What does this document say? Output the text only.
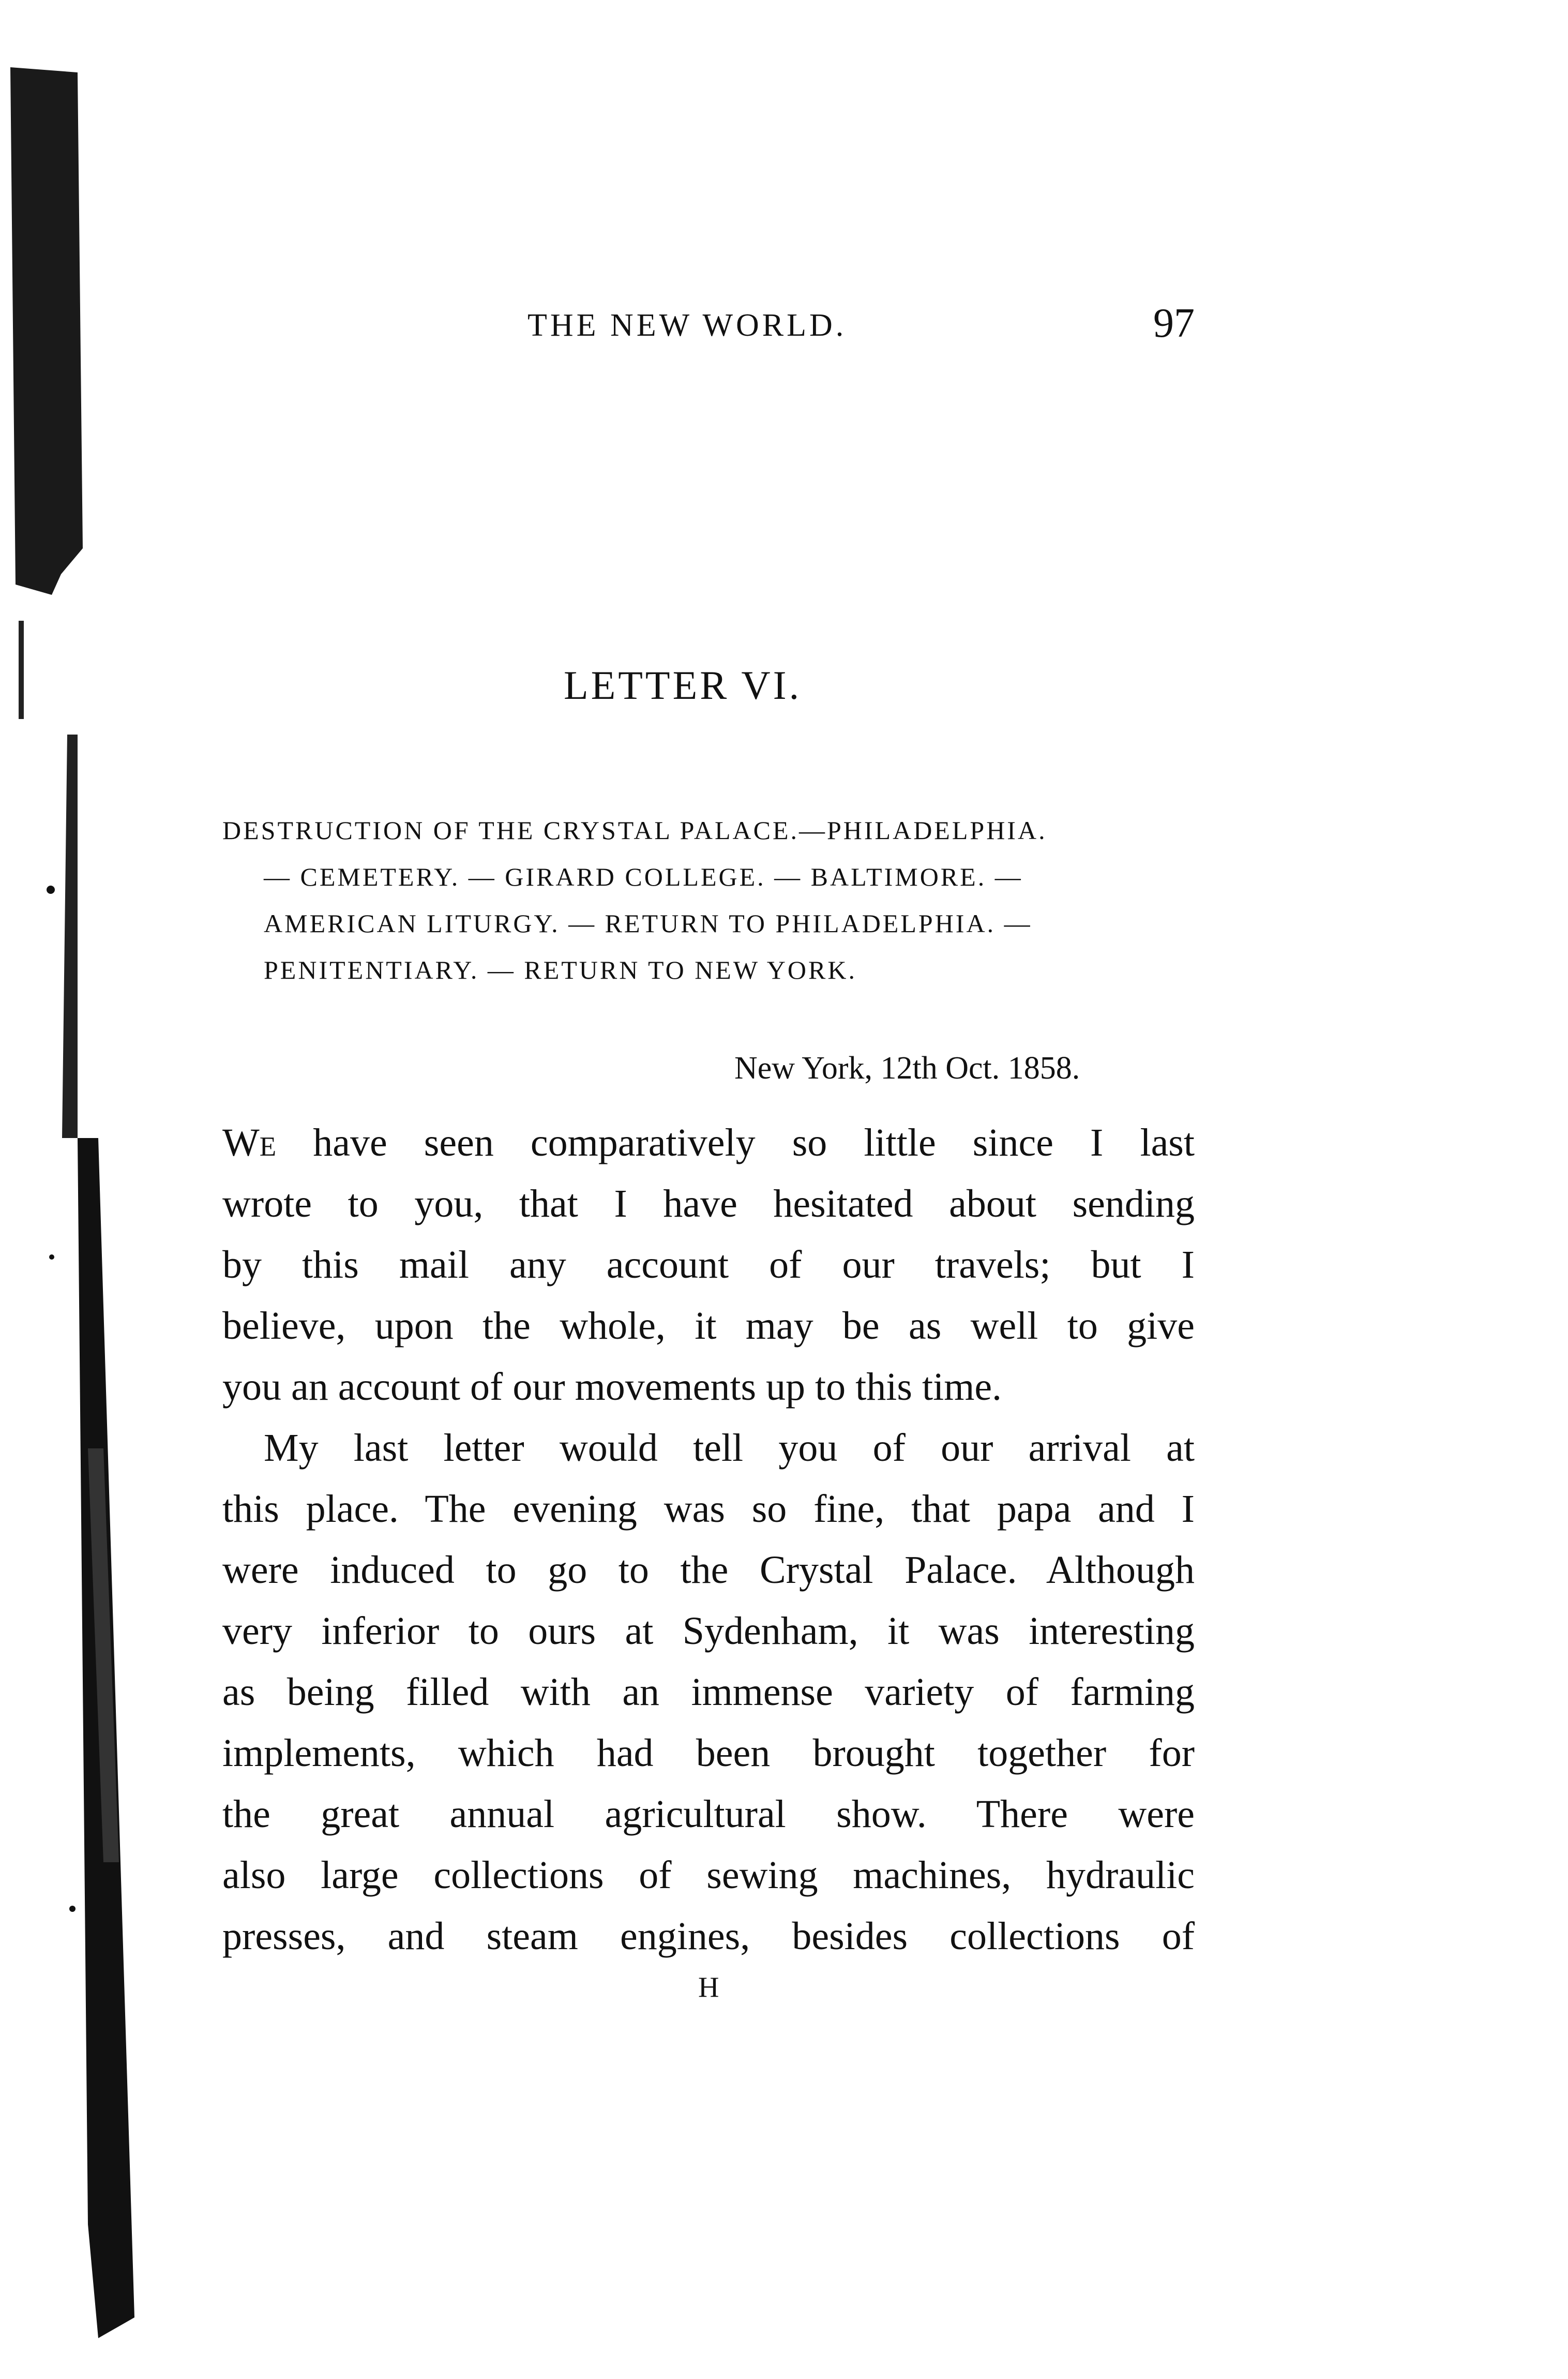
THE NEW WORLD.	97
LETTER VI.
DESTRUCTION OF THE CRYSTAL PALACE.—PHILADELPHIA.
— CEMETERY. — GIRARD COLLEGE. — BALTIMORE. —
AMERICAN LITURGY. — RETURN TO PHILADELPHIA. —
PENITENTIARY. — RETURN TO NEW YORK.
New York, 12th Oct. 1858.
We have seen comparatively so little since I last
wrote to you, that I have hesitated about sending
by this mail any account of our travels; but I
believe, upon the whole, it may be as well to give
you an account of our movements up to this time.
My last letter would tell you of our arrival at
this place. The evening was so fine, that papa and I
were induced to go to the Crystal Palace. Although
very inferior to ours at Sydenham, it was interesting
as being filled with an immense variety of farming
implements, which had been brought together for
the great annual agricultural show. There were
also large collections of sewing machines, hydraulic
presses, and steam engines, besides collections of
H
